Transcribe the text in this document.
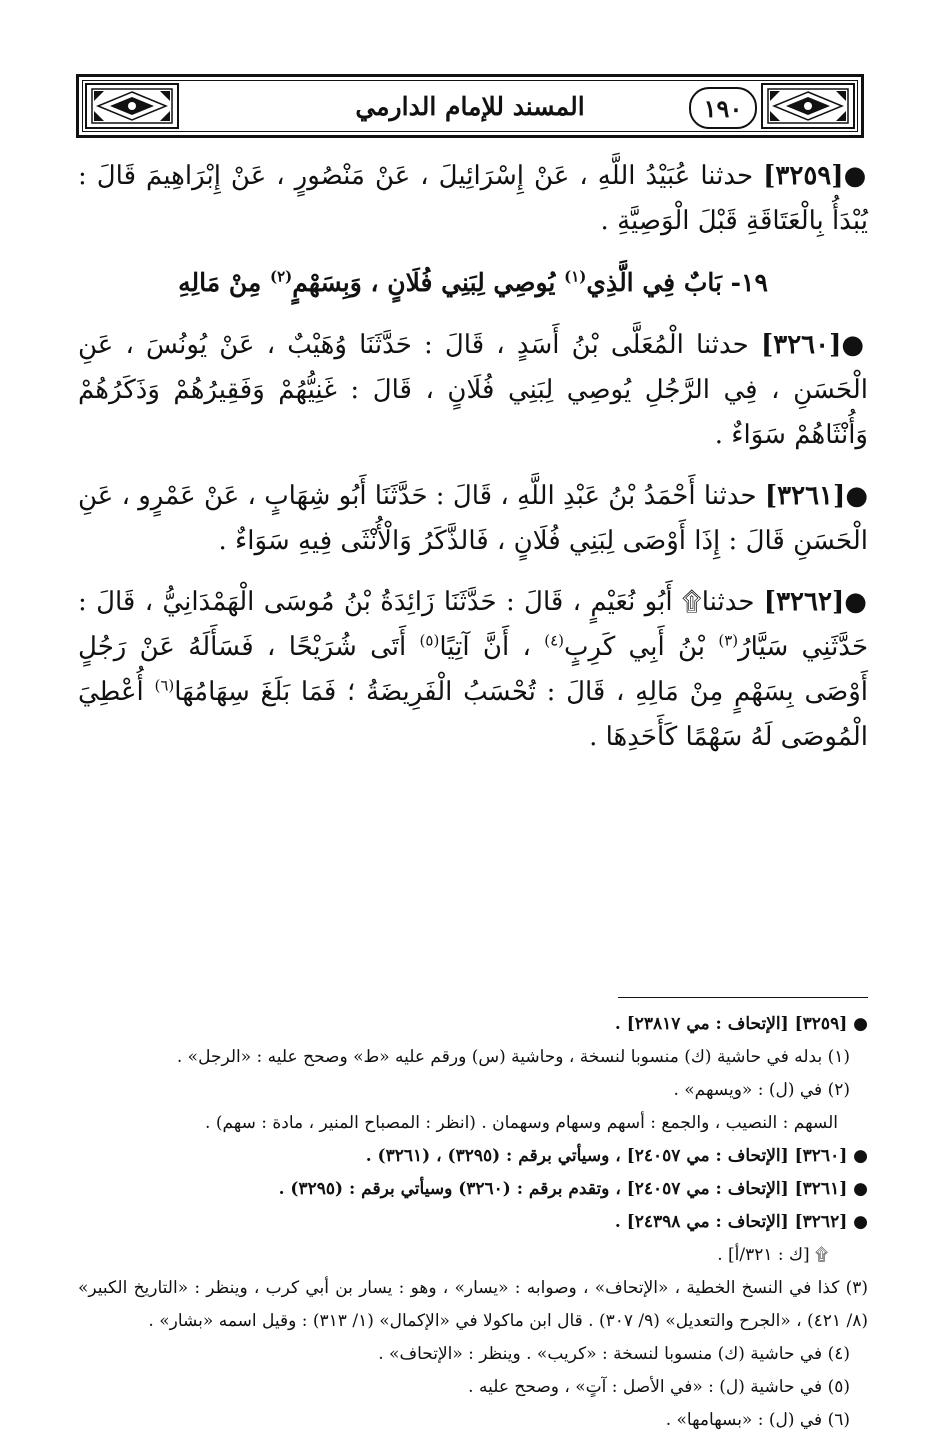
المسند للإمام الدارمي	١٩٠

●[٣٢٥٩] حدثنا عُبَيْدُ اللَّهِ ، عَنْ إِسْرَائِيلَ ، عَنْ مَنْصُورٍ ، عَنْ إِبْرَاهِيمَ قَالَ : يُبْدَأُ بِالْعَتَاقَةِ قَبْلَ الْوَصِيَّةِ .

١٩- بَابٌ فِي الَّذِي$^{(١)}$ يُوصِي لِبَنِي فُلَانٍ ، وَبِسَهْمٍ$^{(٢)}$ مِنْ مَالِهِ

●[٣٢٦٠] حدثنا الْمُعَلَّى بْنُ أَسَدٍ ، قَالَ : حَدَّثَنَا وُهَيْبٌ ، عَنْ يُونُسَ ، عَنِ الْحَسَنِ ، فِي الرَّجُلِ يُوصِي لِبَنِي فُلَانٍ ، قَالَ : غَنِيُّهُمْ وَفَقِيرُهُمْ وَذَكَرُهُمْ وَأُنْثَاهُمْ سَوَاءٌ .

●[٣٢٦١] حدثنا أَحْمَدُ بْنُ عَبْدِ اللَّهِ ، قَالَ : حَدَّثَنَا أَبُو شِهَابٍ ، عَنْ عَمْرٍو ، عَنِ الْحَسَنِ قَالَ : إِذَا أَوْصَى لِبَنِي فُلَانٍ ، فَالذَّكَرُ وَالْأُنْثَى فِيهِ سَوَاءٌ .

●[٣٢٦٢] حدثنا۩ أَبُو نُعَيْمٍ ، قَالَ : حَدَّثَنَا زَائِدَةُ بْنُ مُوسَى الْهَمْدَانِيُّ ، قَالَ : حَدَّثَنِي سَيَّارُ$^{(٣)}$ بْنُ أَبِي كَرِبٍ$^{(٤)}$ ، أَنَّ آتِيًا$^{(٥)}$ أَتَى شُرَيْحًا ، فَسَأَلَهُ عَنْ رَجُلٍ أَوْصَى بِسَهْمٍ مِنْ مَالِهِ ، قَالَ : تُحْسَبُ الْفَرِيضَةُ ؛ فَمَا بَلَغَ سِهَامُهَا$^{(٦)}$ أُعْطِيَ الْمُوصَى لَهُ سَهْمًا كَأَحَدِهَا .

● [٣٢٥٩] [الإتحاف : مي ٢٣٨١٧] .

(١) بدله في حاشية (ك) منسوبا لنسخة ، وحاشية (س) ورقم عليه «ط» وصحح عليه : «الرجل» .

(٢) في (ل) : «ويسهم» .

السهم : النصيب ، والجمع : أسهم وسهام وسهمان . (انظر : المصباح المنير ، مادة : سهم) .

● [٣٢٦٠] [الإتحاف : مي ٢٤٠٥٧] ، وسيأتي برقم : (٣٢٩٥) ، (٣٢٦١) .

● [٣٢٦١] [الإتحاف : مي ٢٤٠٥٧] ، وتقدم برقم : (٣٢٦٠) وسيأتي برقم : (٣٢٩٥) .

● [٣٢٦٢] [الإتحاف : مي ٢٤٣٩٨] .

۩ [ك : ٣٢١/أ] .

(٣) كذا في النسخ الخطية ، «الإتحاف» ، وصوابه : «يسار» ، وهو : يسار بن أبي كرب ، وينظر : «التاريخ الكبير» (٨/ ٤٢١) ، «الجرح والتعديل» (٩/ ٣٠٧) . قال ابن ماكولا في «الإكمال» (١/ ٣١٣) : وقيل اسمه «بشار» .

(٤) في حاشية (ك) منسوبا لنسخة : «كريب» . وينظر : «الإتحاف» .

(٥) في حاشية (ل) : «في الأصل : آتٍ» ، وصحح عليه .

(٦) في (ل) : «بسهامها» .
